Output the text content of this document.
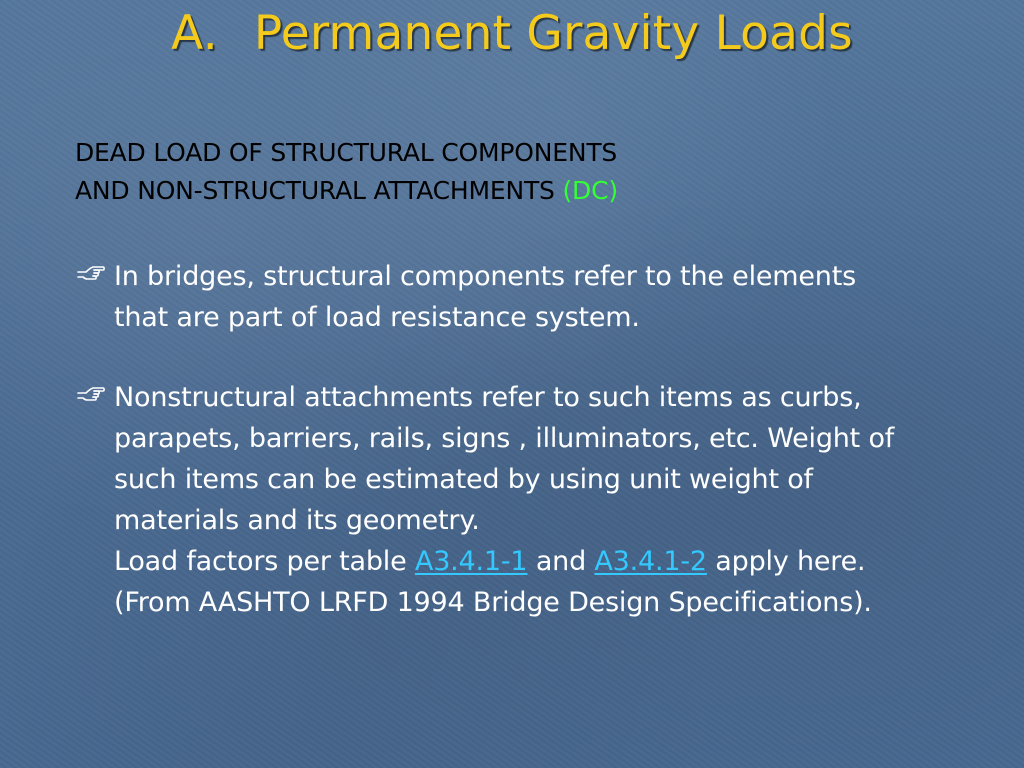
A. Permanent Gravity Loads
DEAD LOAD OF STRUCTURAL COMPONENTS
AND NON-STRUCTURAL ATTACHMENTS (DC)
In bridges, structural components refer to the elements
that are part of load resistance system.
Nonstructural attachments refer to such items as curbs,
parapets, barriers, rails, signs , illuminators, etc. Weight of
such items can be estimated by using unit weight of
materials and its geometry.
Load factors per table A3.4.1-1 and A3.4.1-2 apply here.
(From AASHTO LRFD 1994 Bridge Design Specifications).
